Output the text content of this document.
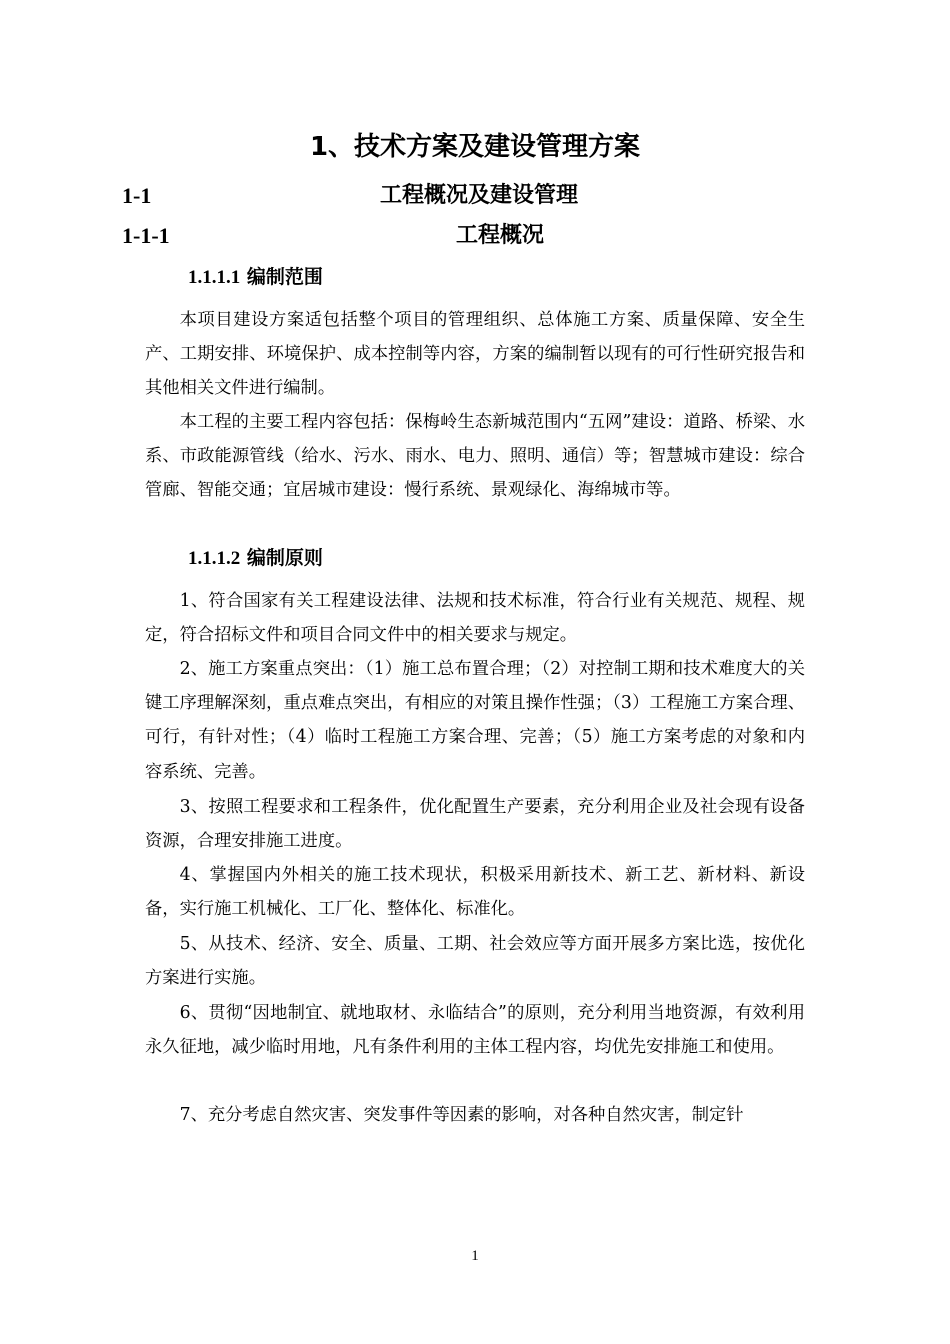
1、技术方案及建设管理方案
1-1	工程概况及建设管理
1-1-1	工程概况
1.1.1.1 编制范围

本项目建设方案适包括整个项目的管理组织、总体施工方案、质量保障、安全生产、工期安排、环境保护、成本控制等内容，方案的编制暂以现有的可行性研究报告和其他相关文件进行编制。

本工程的主要工程内容包括：保梅岭生态新城范围内“五网”建设：道路、桥梁、水系、市政能源管线（给水、污水、雨水、电力、照明、通信）等；智慧城市建设：综合管廊、智能交通；宜居城市建设：慢行系统、景观绿化、海绵城市等。

1.1.1.2 编制原则

1、符合国家有关工程建设法律、法规和技术标准，符合行业有关规范、规程、规定，符合招标文件和项目合同文件中的相关要求与规定。

2、施工方案重点突出：（1）施工总布置合理；（2）对控制工期和技术难度大的关键工序理解深刻，重点难点突出，有相应的对策且操作性强；（3）工程施工方案合理、可行，有针对性；（4）临时工程施工方案合理、完善；（5）施工方案考虑的对象和内容系统、完善。

3、按照工程要求和工程条件，优化配置生产要素，充分利用企业及社会现有设备资源，合理安排施工进度。

4、掌握国内外相关的施工技术现状，积极采用新技术、新工艺、新材料、新设备，实行施工机械化、工厂化、整体化、标准化。

5、从技术、经济、安全、质量、工期、社会效应等方面开展多方案比选，按优化方案进行实施。

6、贯彻“因地制宜、就地取材、永临结合”的原则，充分利用当地资源，有效利用永久征地，减少临时用地，凡有条件利用的主体工程内容，均优先安排施工和使用。

7、充分考虑自然灾害、突发事件等因素的影响，对各种自然灾害，制定针

1
